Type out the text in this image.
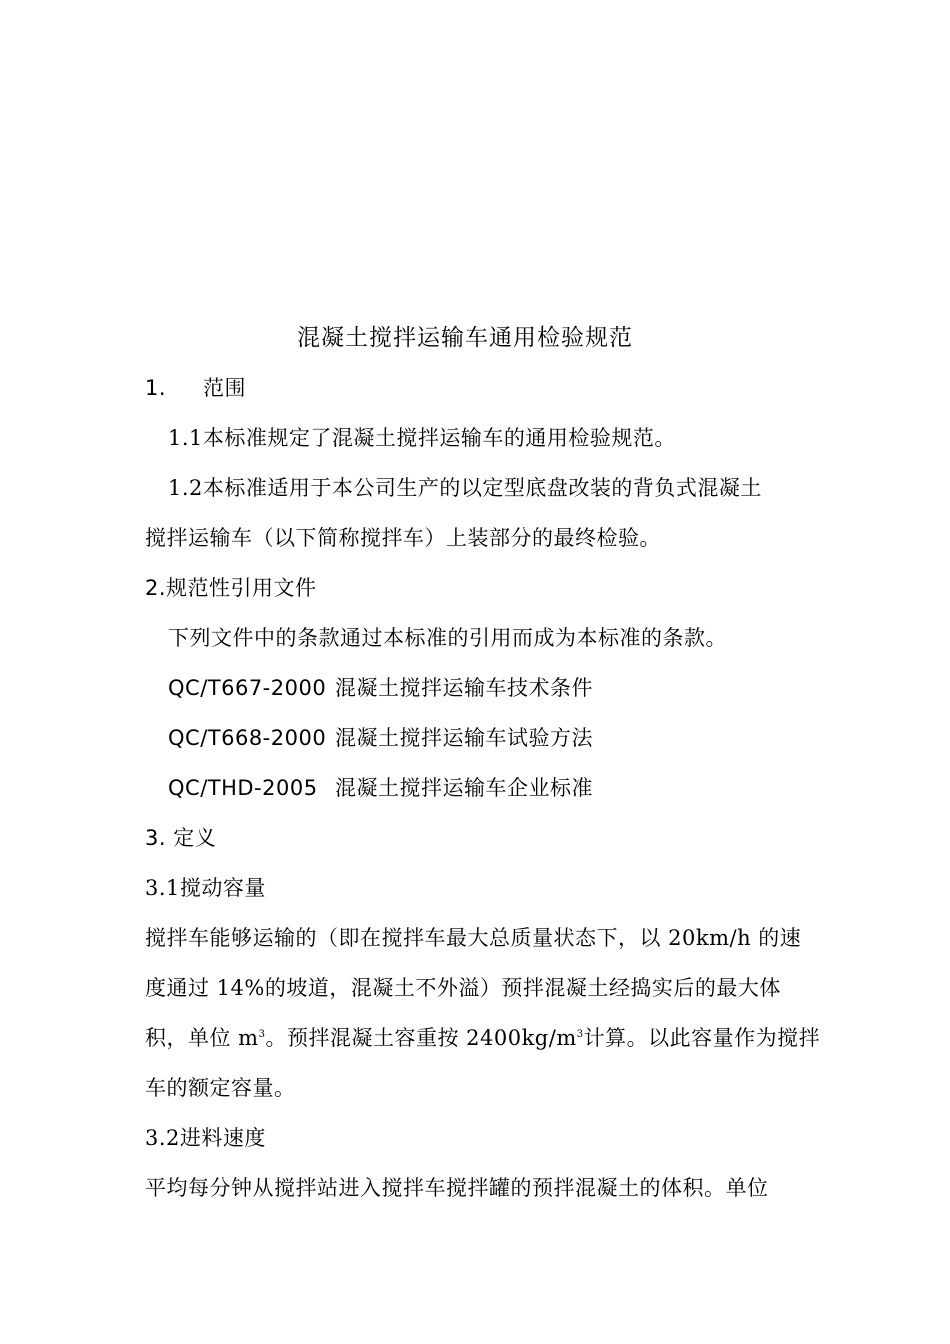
混凝土搅拌运输车通用检验规范
1. 范围
1.1本标准规定了混凝土搅拌运输车的通用检验规范。
1.2本标准适用于本公司生产的以定型底盘改装的背负式混凝土
搅拌运输车（以下简称搅拌车）上装部分的最终检验。
2.规范性引用文件
下列文件中的条款通过本标准的引用而成为本标准的条款。
QC/T667-2000 混凝土搅拌运输车技术条件
QC/T668-2000 混凝土搅拌运输车试验方法
QC/THD-2005 混凝土搅拌运输车企业标准
3. 定义
3.1搅动容量
搅拌车能够运输的（即在搅拌车最大总质量状态下，以 20km/h 的速
度通过 14%的坡道，混凝土不外溢）预拌混凝土经捣实后的最大体
积，单位 $m^3$。预拌混凝土容重按 $2400kg/m^3$计算。以此容量作为搅拌
车的额定容量。
3.2进料速度
平均每分钟从搅拌站进入搅拌车搅拌罐的预拌混凝土的体积。单位
